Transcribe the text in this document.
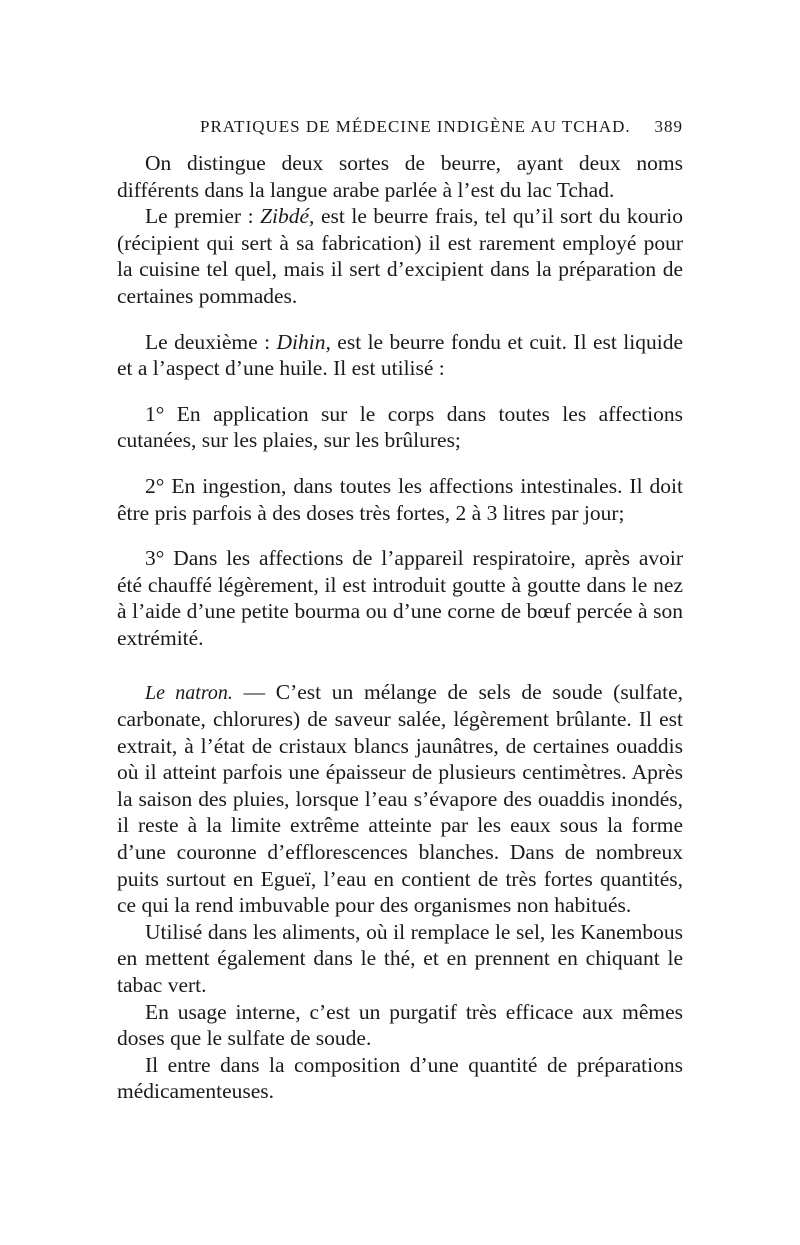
PRATIQUES DE MÉDECINE INDIGÈNE AU TCHAD. 389

On distingue deux sortes de beurre, ayant deux noms différents dans la langue arabe parlée à l’est du lac Tchad.

Le premier : Zibdé, est le beurre frais, tel qu’il sort du kourio (récipient qui sert à sa fabrication) il est rarement employé pour la cuisine tel quel, mais il sert d’excipient dans la préparation de certaines pommades.

Le deuxième : Dihin, est le beurre fondu et cuit. Il est liquide et a l’aspect d’une huile. Il est utilisé :

1° En application sur le corps dans toutes les affections cutanées, sur les plaies, sur les brûlures;

2° En ingestion, dans toutes les affections intestinales. Il doit être pris parfois à des doses très fortes, 2 à 3 litres par jour;

3° Dans les affections de l’appareil respiratoire, après avoir été chauffé légèrement, il est introduit goutte à goutte dans le nez à l’aide d’une petite bourma ou d’une corne de bœuf percée à son extrémité.

Le natron. — C’est un mélange de sels de soude (sulfate, carbonate, chlorures) de saveur salée, légèrement brûlante. Il est extrait, à l’état de cristaux blancs jaunâtres, de certaines ouaddis où il atteint parfois une épaisseur de plusieurs centimètres. Après la saison des pluies, lorsque l’eau s’évapore des ouaddis inondés, il reste à la limite extrême atteinte par les eaux sous la forme d’une couronne d’efflorescences blanches. Dans de nombreux puits surtout en Egueï, l’eau en contient de très fortes quantités, ce qui la rend imbuvable pour des organismes non habitués.

Utilisé dans les aliments, où il remplace le sel, les Kanembous en mettent également dans le thé, et en prennent en chiquant le tabac vert.

En usage interne, c’est un purgatif très efficace aux mêmes doses que le sulfate de soude.

Il entre dans la composition d’une quantité de préparations médicamenteuses.
